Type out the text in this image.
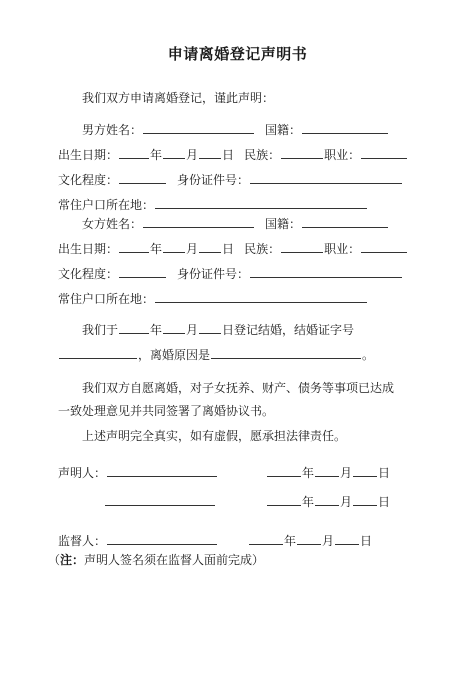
申请离婚登记声明书
我们双方申请离婚登记，谨此声明：
男方姓名：	国籍：
出生日期：	年 月 日 民族：	职业：
文化程度：	身份证件号：
常住户口所在地：
女方姓名：	国籍：
出生日期：	年 月 日 民族：	职业：
文化程度：	身份证件号：
常住户口所在地：
我们于	年 月 日登记结婚，结婚证字号
，离婚原因是	。
我们双方自愿离婚，对子女抚养、财产、债务等事项已达成
一致处理意见并共同签署了离婚协议书。
上述声明完全真实，如有虚假，愿承担法律责任。
声明人：	年 月 日
年 月 日
监督人：	年 月 日
（注：声明人签名须在监督人面前完成）
